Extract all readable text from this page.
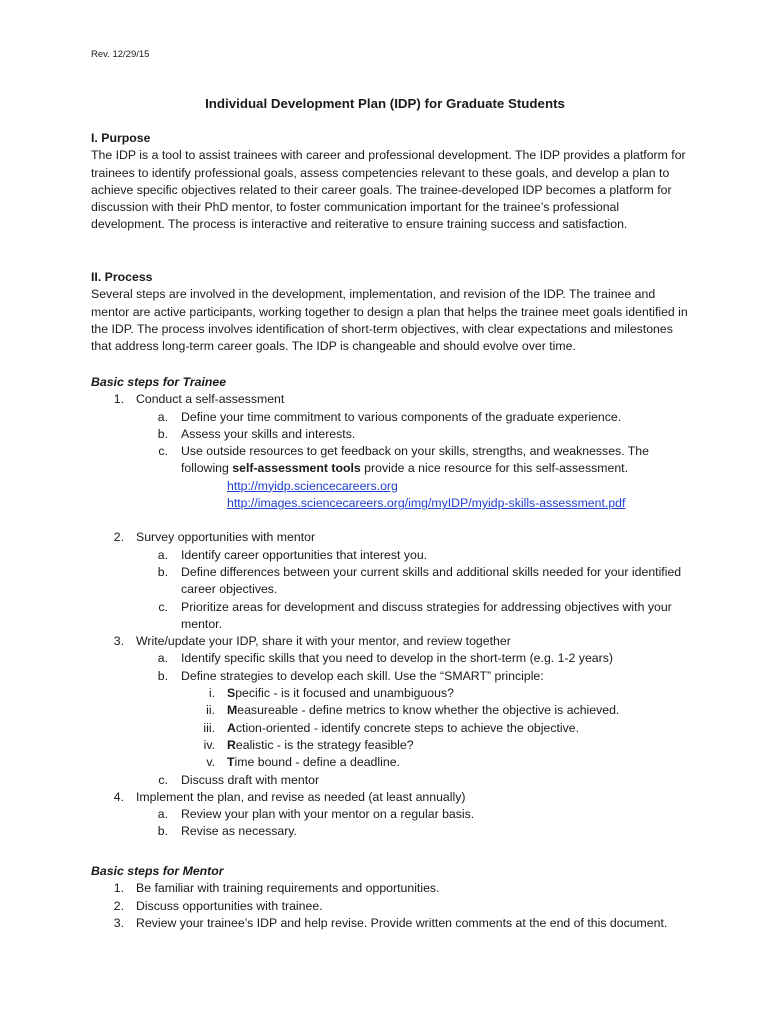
Rev. 12/29/15
Individual Development Plan (IDP) for Graduate Students
I. Purpose

The IDP is a tool to assist trainees with career and professional development. The IDP provides a platform for trainees to identify professional goals, assess competencies relevant to these goals, and develop a plan to achieve specific objectives related to their career goals. The trainee-developed IDP becomes a platform for discussion with their PhD mentor, to foster communication important for the trainee’s professional development. The process is interactive and reiterative to ensure training success and satisfaction.

II. Process

Several steps are involved in the development, implementation, and revision of the IDP. The trainee and mentor are active participants, working together to design a plan that helps the trainee meet goals identified in the IDP. The process involves identification of short-term objectives, with clear expectations and milestones that address long-term career goals. The IDP is changeable and should evolve over time.

Basic steps for Trainee
1. Conduct a self-assessment
a. Define your time commitment to various components of the graduate experience.
b. Assess your skills and interests.
c. Use outside resources to get feedback on your skills, strengths, and weaknesses. The following self-assessment tools provide a nice resource for this self-assessment.
http://myidp.sciencecareers.org
http://images.sciencecareers.org/img/myIDP/myidp-skills-assessment.pdf
2. Survey opportunities with mentor
a. Identify career opportunities that interest you.
b. Define differences between your current skills and additional skills needed for your identified career objectives.
c. Prioritize areas for development and discuss strategies for addressing objectives with your mentor.
3. Write/update your IDP, share it with your mentor, and review together
a. Identify specific skills that you need to develop in the short-term (e.g. 1-2 years)
b. Define strategies to develop each skill. Use the “SMART” principle:
i. Specific - is it focused and unambiguous?
ii. Measureable - define metrics to know whether the objective is achieved.
iii. Action-oriented - identify concrete steps to achieve the objective.
iv. Realistic - is the strategy feasible?
v. Time bound - define a deadline.
c. Discuss draft with mentor
4. Implement the plan, and revise as needed (at least annually)
a. Review your plan with your mentor on a regular basis.
b. Revise as necessary.
Basic steps for Mentor
1. Be familiar with training requirements and opportunities.
2. Discuss opportunities with trainee.
3. Review your trainee’s IDP and help revise. Provide written comments at the end of this document.
